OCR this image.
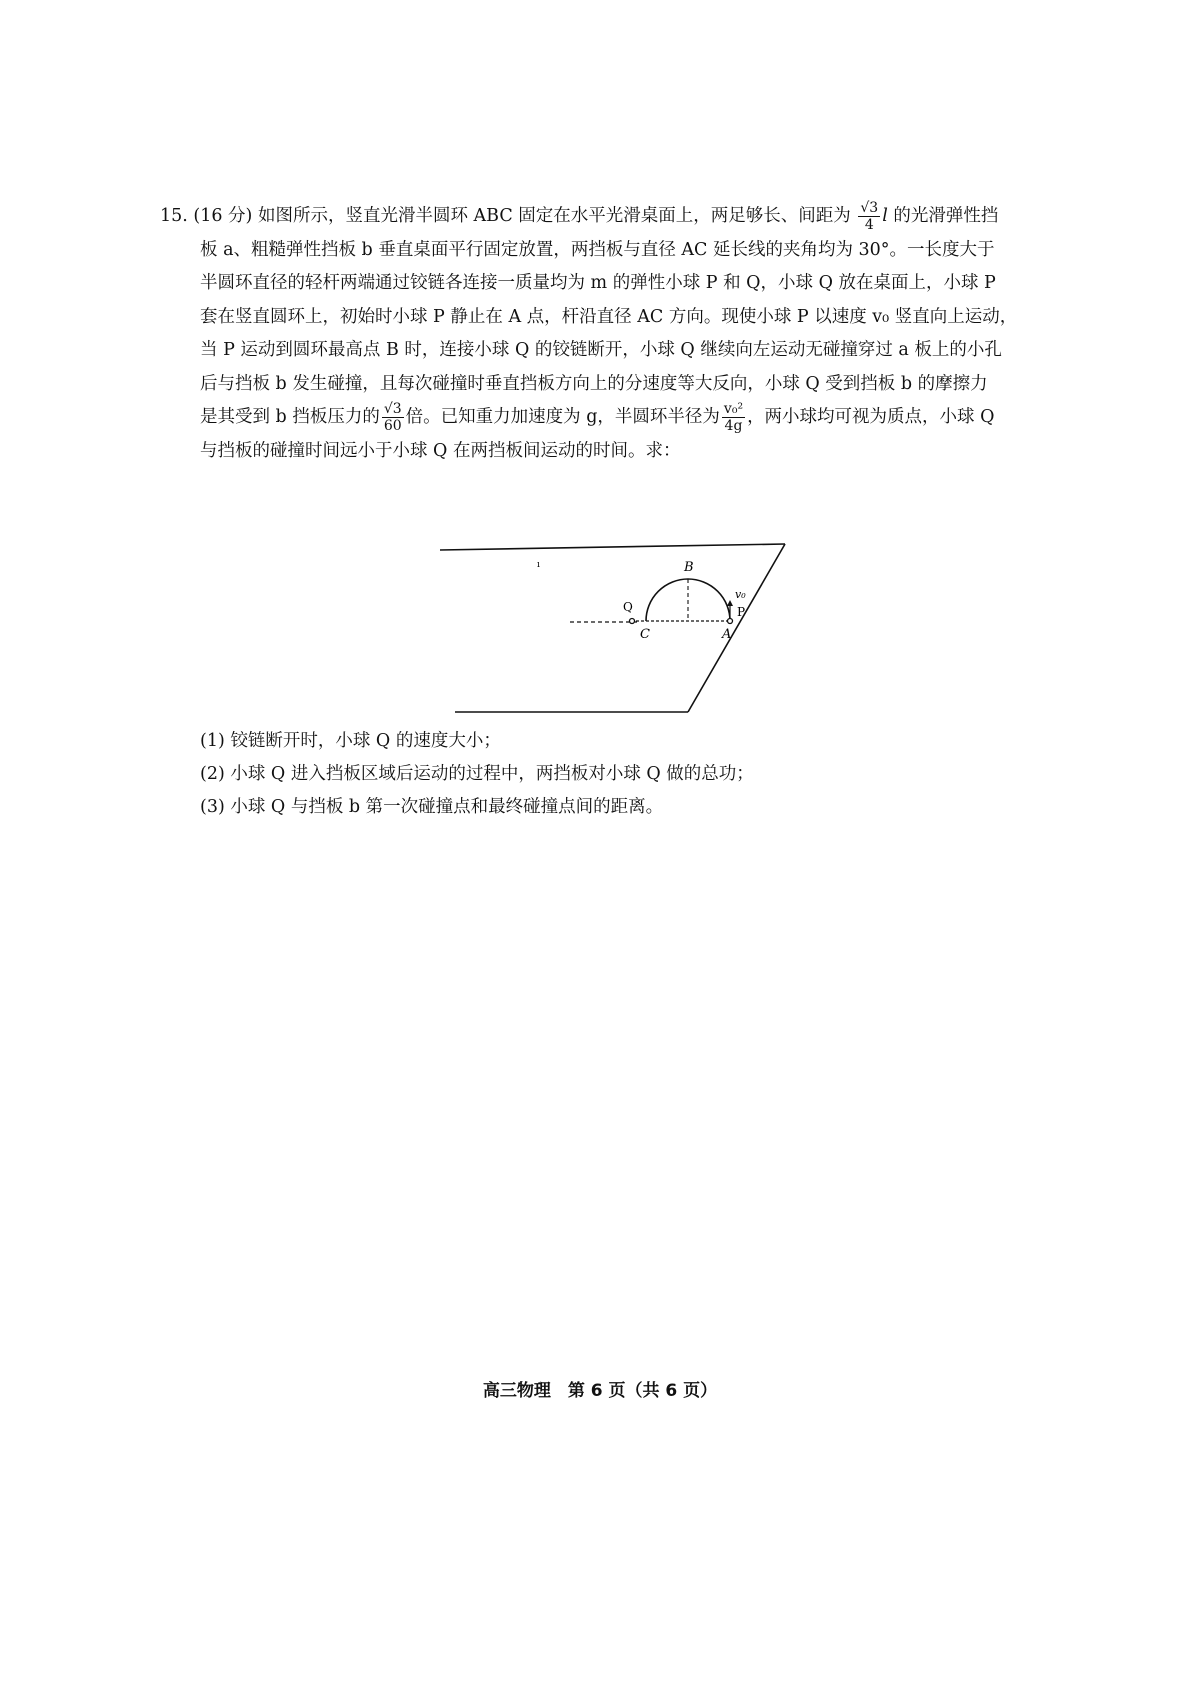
15. (16 分) 如图所示，竖直光滑半圆环 ABC 固定在水平光滑桌面上，两足够长、间距为 $\frac{√3}{4}$ l 的光滑弹性挡
板 a、粗糙弹性挡板 b 垂直桌面平行固定放置，两挡板与直径 AC 延长线的夹角均为 30°。一长度大于
半圆环直径的轻杆两端通过铰链各连接一质量均为 m 的弹性小球 P 和 Q，小球 Q 放在桌面上，小球 P
套在竖直圆环上，初始时小球 P 静止在 A 点，杆沿直径 AC 方向。现使小球 P 以速度 v₀ 竖直向上运动，
当 P 运动到圆环最高点 B 时，连接小球 Q 的铰链断开，小球 Q 继续向左运动无碰撞穿过 a 板上的小孔
后与挡板 b 发生碰撞，且每次碰撞时垂直挡板方向上的分速度等大反向，小球 Q 受到挡板 b 的摩擦力
是其受到 b 挡板压力的 $\frac{√3}{60}$ 倍。已知重力加速度为 g，半圆环半径为 $\frac{\text{v₀²}}{4g}$ ，两小球均可视为质点，小球 Q
与挡板的碰撞时间远小于小球 Q 在两挡板间运动的时间。求：
B
Q
C	A
P
v₀
ı
(1) 铰链断开时，小球 Q 的速度大小；
(2) 小球 Q 进入挡板区域后运动的过程中，两挡板对小球 Q 做的总功；
(3) 小球 Q 与挡板 b 第一次碰撞点和最终碰撞点间的距离。
高三物理　第 6 页（共 6 页）
